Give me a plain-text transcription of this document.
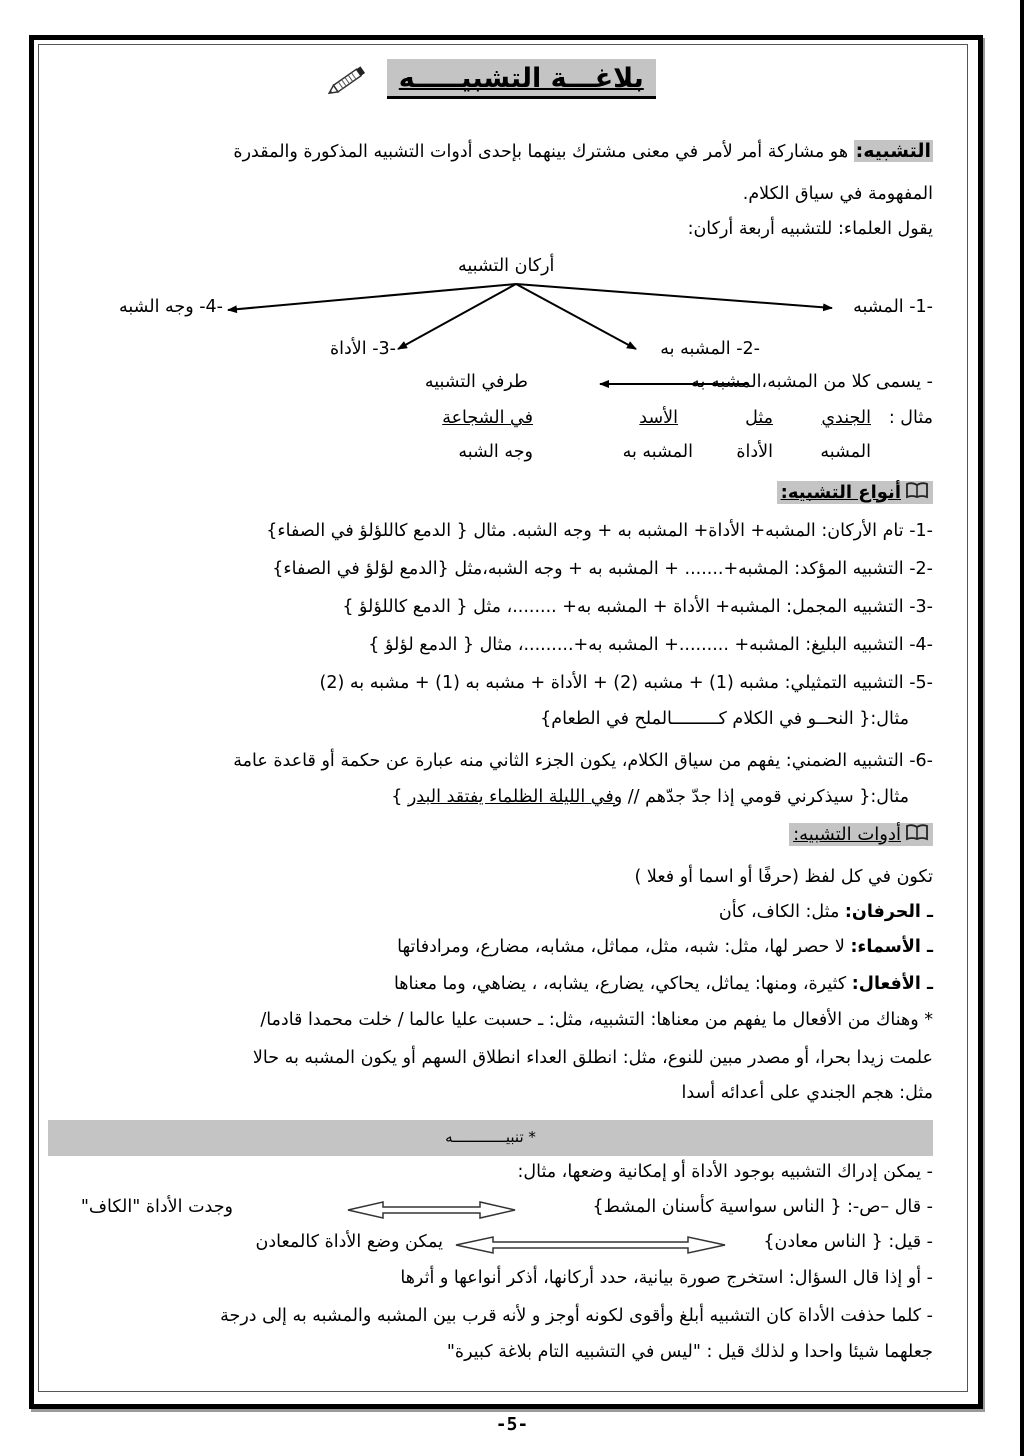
بلاغـــة التشبيـــــه
التشبيه: هو مشاركة أمر لأمر في معنى مشترك بينهما بإحدى أدوات التشبيه المذكورة والمقدرة
المفهومة في سياق الكلام.
يقول العلماء: للتشبيه أربعة أركان:
أركان التشبيه
-1- المشبه
-2- المشبه به
-3- الأداة
-4- وجه الشبه
- يسمى كلا من المشبه،المشبه به
طرفي التشبيه
مثال :
الجندي
مثل
الأسد
في الشجاعة
المشبه
الأداة
المشبه به
وجه الشبه
أنواع التشبيه:
-1- تام الأركان: المشبه+ الأداة+ المشبه به + وجه الشبه. مثال { الدمع كاللؤلؤ في الصفاء}
-2- التشبيه المؤكد: المشبه+....... + المشبه به + وجه الشبه،مثل {الدمع لؤلؤ في الصفاء}
-3- التشبيه المجمل: المشبه+ الأداة + المشبه به+ ........، مثل { الدمع كاللؤلؤ }
-4- التشبيه البليغ: المشبه+ .........+ المشبه به+.........، مثال { الدمع لؤلؤ }
-5- التشبيه التمثيلي: مشبه (1) + مشبه (2) + الأداة + مشبه به (1) + مشبه به (2)
مثال:{ النحــو في الكلام كـــــــــالملح في الطعام}
-6- التشبيه الضمني: يفهم من سياق الكلام، يكون الجزء الثاني منه عبارة عن حكمة أو قاعدة عامة
مثال:{ سيذكرني قومي إذا جدّ جدّهم // وفي الليلة الظلماء يفتقد البدر }
أدوات التشبيه:
تكون في كل لفظ (حرفًا أو اسما أو فعلا )
ـ الحرفان: مثل: الكاف، كأن
ـ الأسماء: لا حصر لها، مثل: شبه، مثل، مماثل، مشابه، مضارع، ومرادفاتها
ـ الأفعال: كثيرة، ومنها: يماثل، يحاكي، يضارع، يشابه، ، يضاهي، وما معناها
* وهناك من الأفعال ما يفهم من معناها: التشبيه، مثل: ـ حسبت عليا عالما / خلت محمدا قادما/
علمت زيدا بحرا، أو مصدر مبين للنوع، مثل: انطلق العداء انطلاق السهم أو يكون المشبه به حالا
مثل: هجم الجندي على أعدائه أسدا
* تنبيــــــــــــه
- يمكن إدراك التشبيه بوجود الأداة أو إمكانية وضعها، مثال:
- قال –ص-: { الناس سواسية كأسنان المشط}
وجدت الأداة "الكاف"
- قيل: { الناس معادن}
يمكن وضع الأداة كالمعادن
- أو إذا قال السؤال: استخرج صورة بيانية، حدد أركانها، أذكر أنواعها و أثرها
- كلما حذفت الأداة كان التشبيه أبلغ وأقوى لكونه أوجز و لأنه قرب بين المشبه والمشبه به إلى درجة
جعلهما شيئا واحدا و لذلك قيل : "ليس في التشبيه التام بلاغة كبيرة"
-5-
